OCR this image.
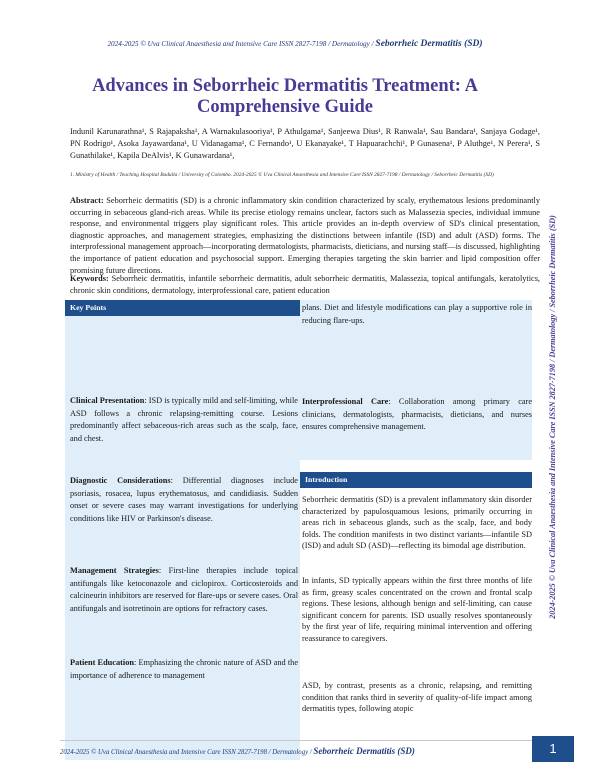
2024-2025 © Uva Clinical Anaesthesia and Intensive Care ISSN 2827-7198 / Dermatology / Seborrheic Dermatitis (SD)
Advances in Seborrheic Dermatitis Treatment: A Comprehensive Guide
Indunil Karunarathna¹, S Rajapaksha¹, A Warnakulasooriya¹, P Athulgama¹, Sanjeewa Dius¹, R Ranwala¹, Sau Bandara¹, Sanjaya Godage¹, PN Rodrigo¹, Asoka Jayawardana¹, U Vidanagama¹, C Fernando¹, U Ekanayake¹, T Hapuarachchi¹, P Gunasena¹, P Aluthge¹, N Perera¹, S Gunathilake¹, Kapila DeAlvis¹, K Gunawardana¹,
1. Ministry of Health / Teaching Hospital Badulla / University of Colombo. 2024-2025 © Uva Clinical Anaesthesia and Intensive Care ISSN 2827-7198 / Dermatology / Seborrheic Dermatitis (SD)
Abstract: Seborrheic dermatitis (SD) is a chronic inflammatory skin condition characterized by scaly, erythematous lesions predominantly occurring in sebaceous gland-rich areas. While its precise etiology remains unclear, factors such as Malassezia species, individual immune response, and environmental triggers play significant roles. This article provides an in-depth overview of SD's clinical presentation, diagnostic approaches, and management strategies, emphasizing the distinctions between infantile (ISD) and adult (ASD) forms. The interprofessional management approach—incorporating dermatologists, pharmacists, dieticians, and nursing staff—is discussed, highlighting the importance of patient education and psychosocial support. Emerging therapies targeting the skin barrier and lipid composition offer promising future directions.
Keywords: Seborrheic dermatitis, infantile seborrheic dermatitis, adult seborrheic dermatitis, Malassezia, topical antifungals, keratolytics, chronic skin conditions, dermatology, interprofessional care, patient education
Key Points
Clinical Presentation: ISD is typically mild and self-limiting, while ASD follows a chronic relapsing-remitting course. Lesions predominantly affect sebaceous-rich areas such as the scalp, face, and chest.
Diagnostic Considerations: Differential diagnoses include psoriasis, rosacea, lupus erythematosus, and candidiasis. Sudden onset or severe cases may warrant investigations for underlying conditions like HIV or Parkinson's disease.
Management Strategies: First-line therapies include topical antifungals like ketoconazole and ciclopirox. Corticosteroids and calcineurin inhibitors are reserved for flare-ups or severe cases. Oral antifungals and isotretinoin are options for refractory cases.
Patient Education: Emphasizing the chronic nature of ASD and the importance of adherence to management
plans. Diet and lifestyle modifications can play a supportive role in reducing flare-ups.
Interprofessional Care: Collaboration among primary care clinicians, dermatologists, pharmacists, dieticians, and nurses ensures comprehensive management.
Introduction
Seborrheic dermatitis (SD) is a prevalent inflammatory skin disorder characterized by papulosquamous lesions, primarily occurring in areas rich in sebaceous glands, such as the scalp, face, and body folds. The condition manifests in two distinct variants—infantile SD (ISD) and adult SD (ASD)—reflecting its bimodal age distribution.
In infants, SD typically appears within the first three months of life as firm, greasy scales concentrated on the crown and frontal scalp regions. These lesions, although benign and self-limiting, can cause significant concern for parents. ISD usually resolves spontaneously by the first year of life, requiring minimal intervention and offering reassurance to caregivers.
ASD, by contrast, presents as a chronic, relapsing, and remitting condition that ranks third in severity of quality-of-life impact among dermatitis types, following atopic
2024-2025 © Uva Clinical Anaesthesia and Intensive Care ISSN 2827-7198 / Dermatology / Seborrheic Dermatitis (SD)
2024-2025 © Uva Clinical Anaesthesia and Intensive Care ISSN 2827-7198 / Dermatology / Seborrheic Dermatitis (SD)	1
